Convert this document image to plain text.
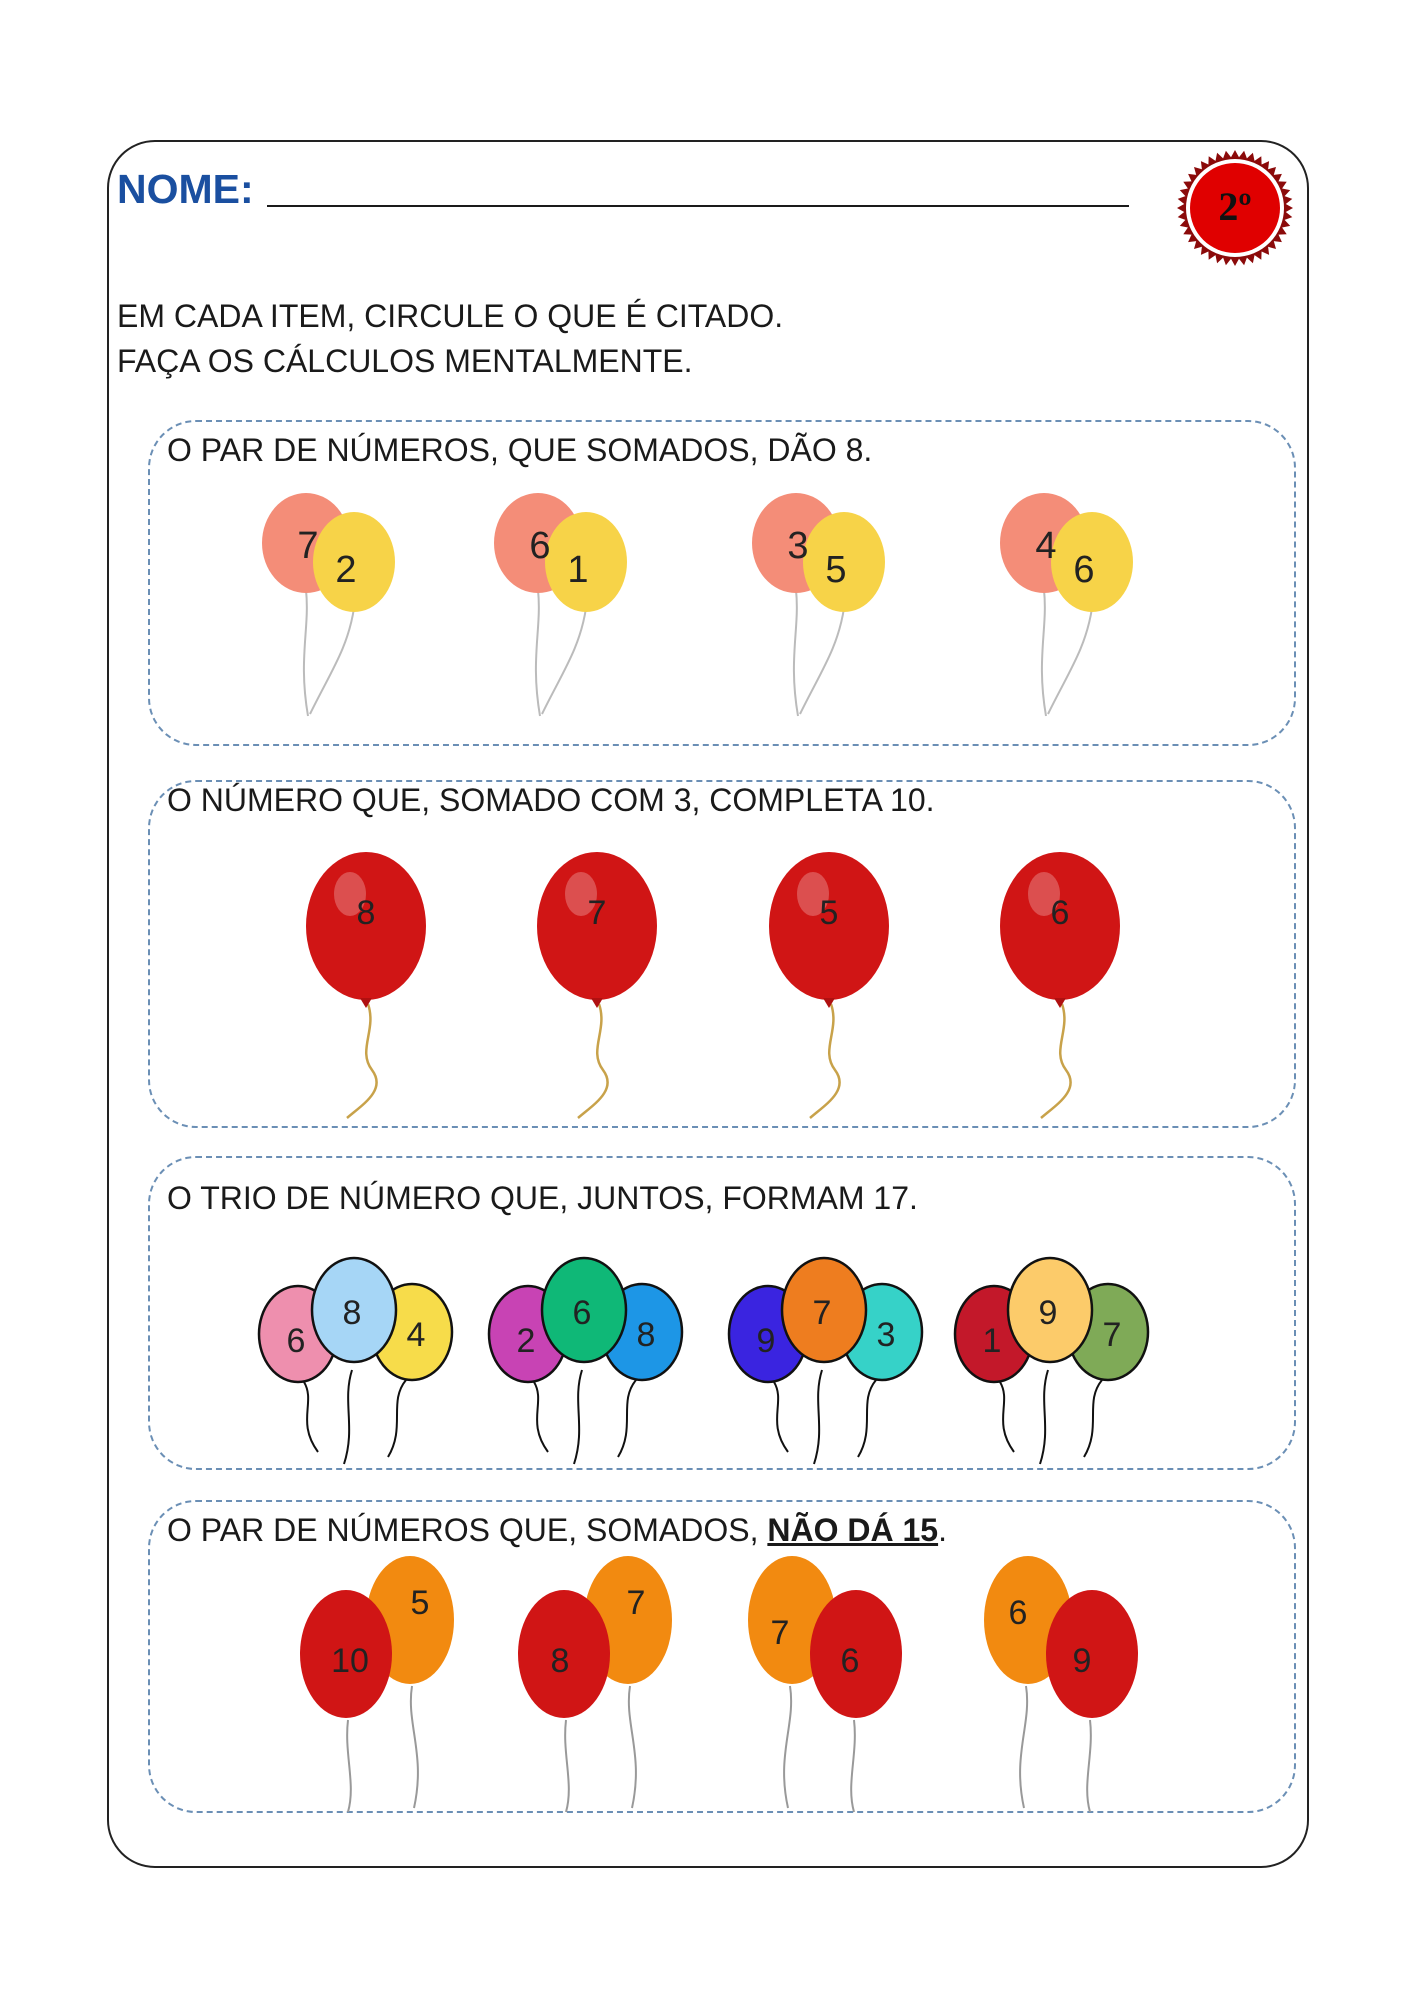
NOME:	2º
EM CADA ITEM, CIRCULE O QUE É CITADO.
FAÇA OS CÁLCULOS MENTALMENTE.
O PAR DE NÚMEROS, QUE SOMADOS, DÃO 8.
7
2
6
1
3
5
4
6
O NÚMERO QUE, SOMADO COM 3, COMPLETA 10.
8	7	5	6
O TRIO DE NÚMERO QUE, JUNTOS, FORMAM 17.
6
8
4	2
6
8	9
7
3	1
9
7
O PAR DE NÚMEROS QUE, SOMADOS, NÃO DÁ 15.
5
10
7
8
7
6
6
9
